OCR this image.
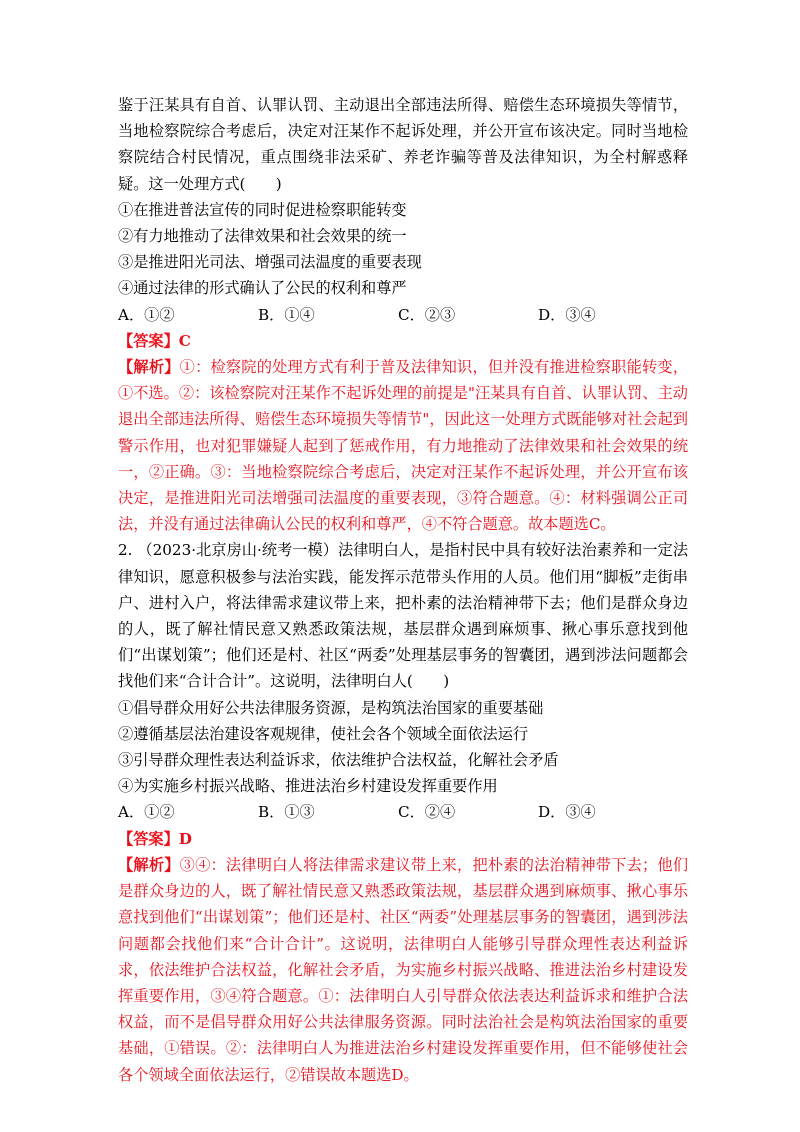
鉴于汪某具有自首、认罪认罚、主动退出全部违法所得、赔偿生态环境损失等情节，当地检察院综合考虑后，决定对汪某作不起诉处理，并公开宣布该决定。同时当地检察院结合村民情况，重点围绕非法采矿、养老诈骗等普及法律知识，为全村解惑释疑。这一处理方式(　　)

①在推进普法宣传的同时促进检察职能转变

②有力地推动了法律效果和社会效果的统一

③是推进阳光司法、增强司法温度的重要表现

④通过法律的形式确认了公民的权利和尊严

A．①②	B．①④	C．②③	D．③④

【答案】C

【解析】①：检察院的处理方式有利于普及法律知识，但并没有推进检察职能转变，①不选。②：该检察院对汪某作不起诉处理的前提是"汪某具有自首、认罪认罚、主动退出全部违法所得、赔偿生态环境损失等情节"，因此这一处理方式既能够对社会起到警示作用，也对犯罪嫌疑人起到了惩戒作用，有力地推动了法律效果和社会效果的统一，②正确。③：当地检察院综合考虑后，决定对汪某作不起诉处理，并公开宣布该决定，是推进阳光司法增强司法温度的重要表现，③符合题意。④：材料强调公正司法，并没有通过法律确认公民的权利和尊严，④不符合题意。故本题选C。

2. （2023·北京房山·统考一模）法律明白人，是指村民中具有较好法治素养和一定法律知识，愿意积极参与法治实践，能发挥示范带头作用的人员。他们用“脚板”走街串户、进村入户，将法律需求建议带上来，把朴素的法治精神带下去；他们是群众身边的人，既了解社情民意又熟悉政策法规，基层群众遇到麻烦事、揪心事乐意找到他们“出谋划策”；他们还是村、社区“两委”处理基层事务的智囊团，遇到涉法问题都会找他们来“合计合计”。这说明，法律明白人(　　)

①倡导群众用好公共法律服务资源，是构筑法治国家的重要基础

②遵循基层法治建设客观规律，使社会各个领域全面依法运行

③引导群众理性表达利益诉求，依法维护合法权益，化解社会矛盾

④为实施乡村振兴战略、推进法治乡村建设发挥重要作用

A．①②	B．①③	C．②④	D．③④

【答案】D

【解析】③④：法律明白人将法律需求建议带上来，把朴素的法治精神带下去；他们是群众身边的人，既了解社情民意又熟悉政策法规，基层群众遇到麻烦事、揪心事乐意找到他们“出谋划策”；他们还是村、社区“两委”处理基层事务的智囊团，遇到涉法问题都会找他们来“合计合计”。这说明，法律明白人能够引导群众理性表达利益诉求，依法维护合法权益，化解社会矛盾，为实施乡村振兴战略、推进法治乡村建设发挥重要作用，③④符合题意。①：法律明白人引导群众依法表达利益诉求和维护合法权益，而不是倡导群众用好公共法律服务资源。同时法治社会是构筑法治国家的重要基础，①错误。②：法律明白人为推进法治乡村建设发挥重要作用，但不能够使社会各个领域全面依法运行，②错误故本题选D。
